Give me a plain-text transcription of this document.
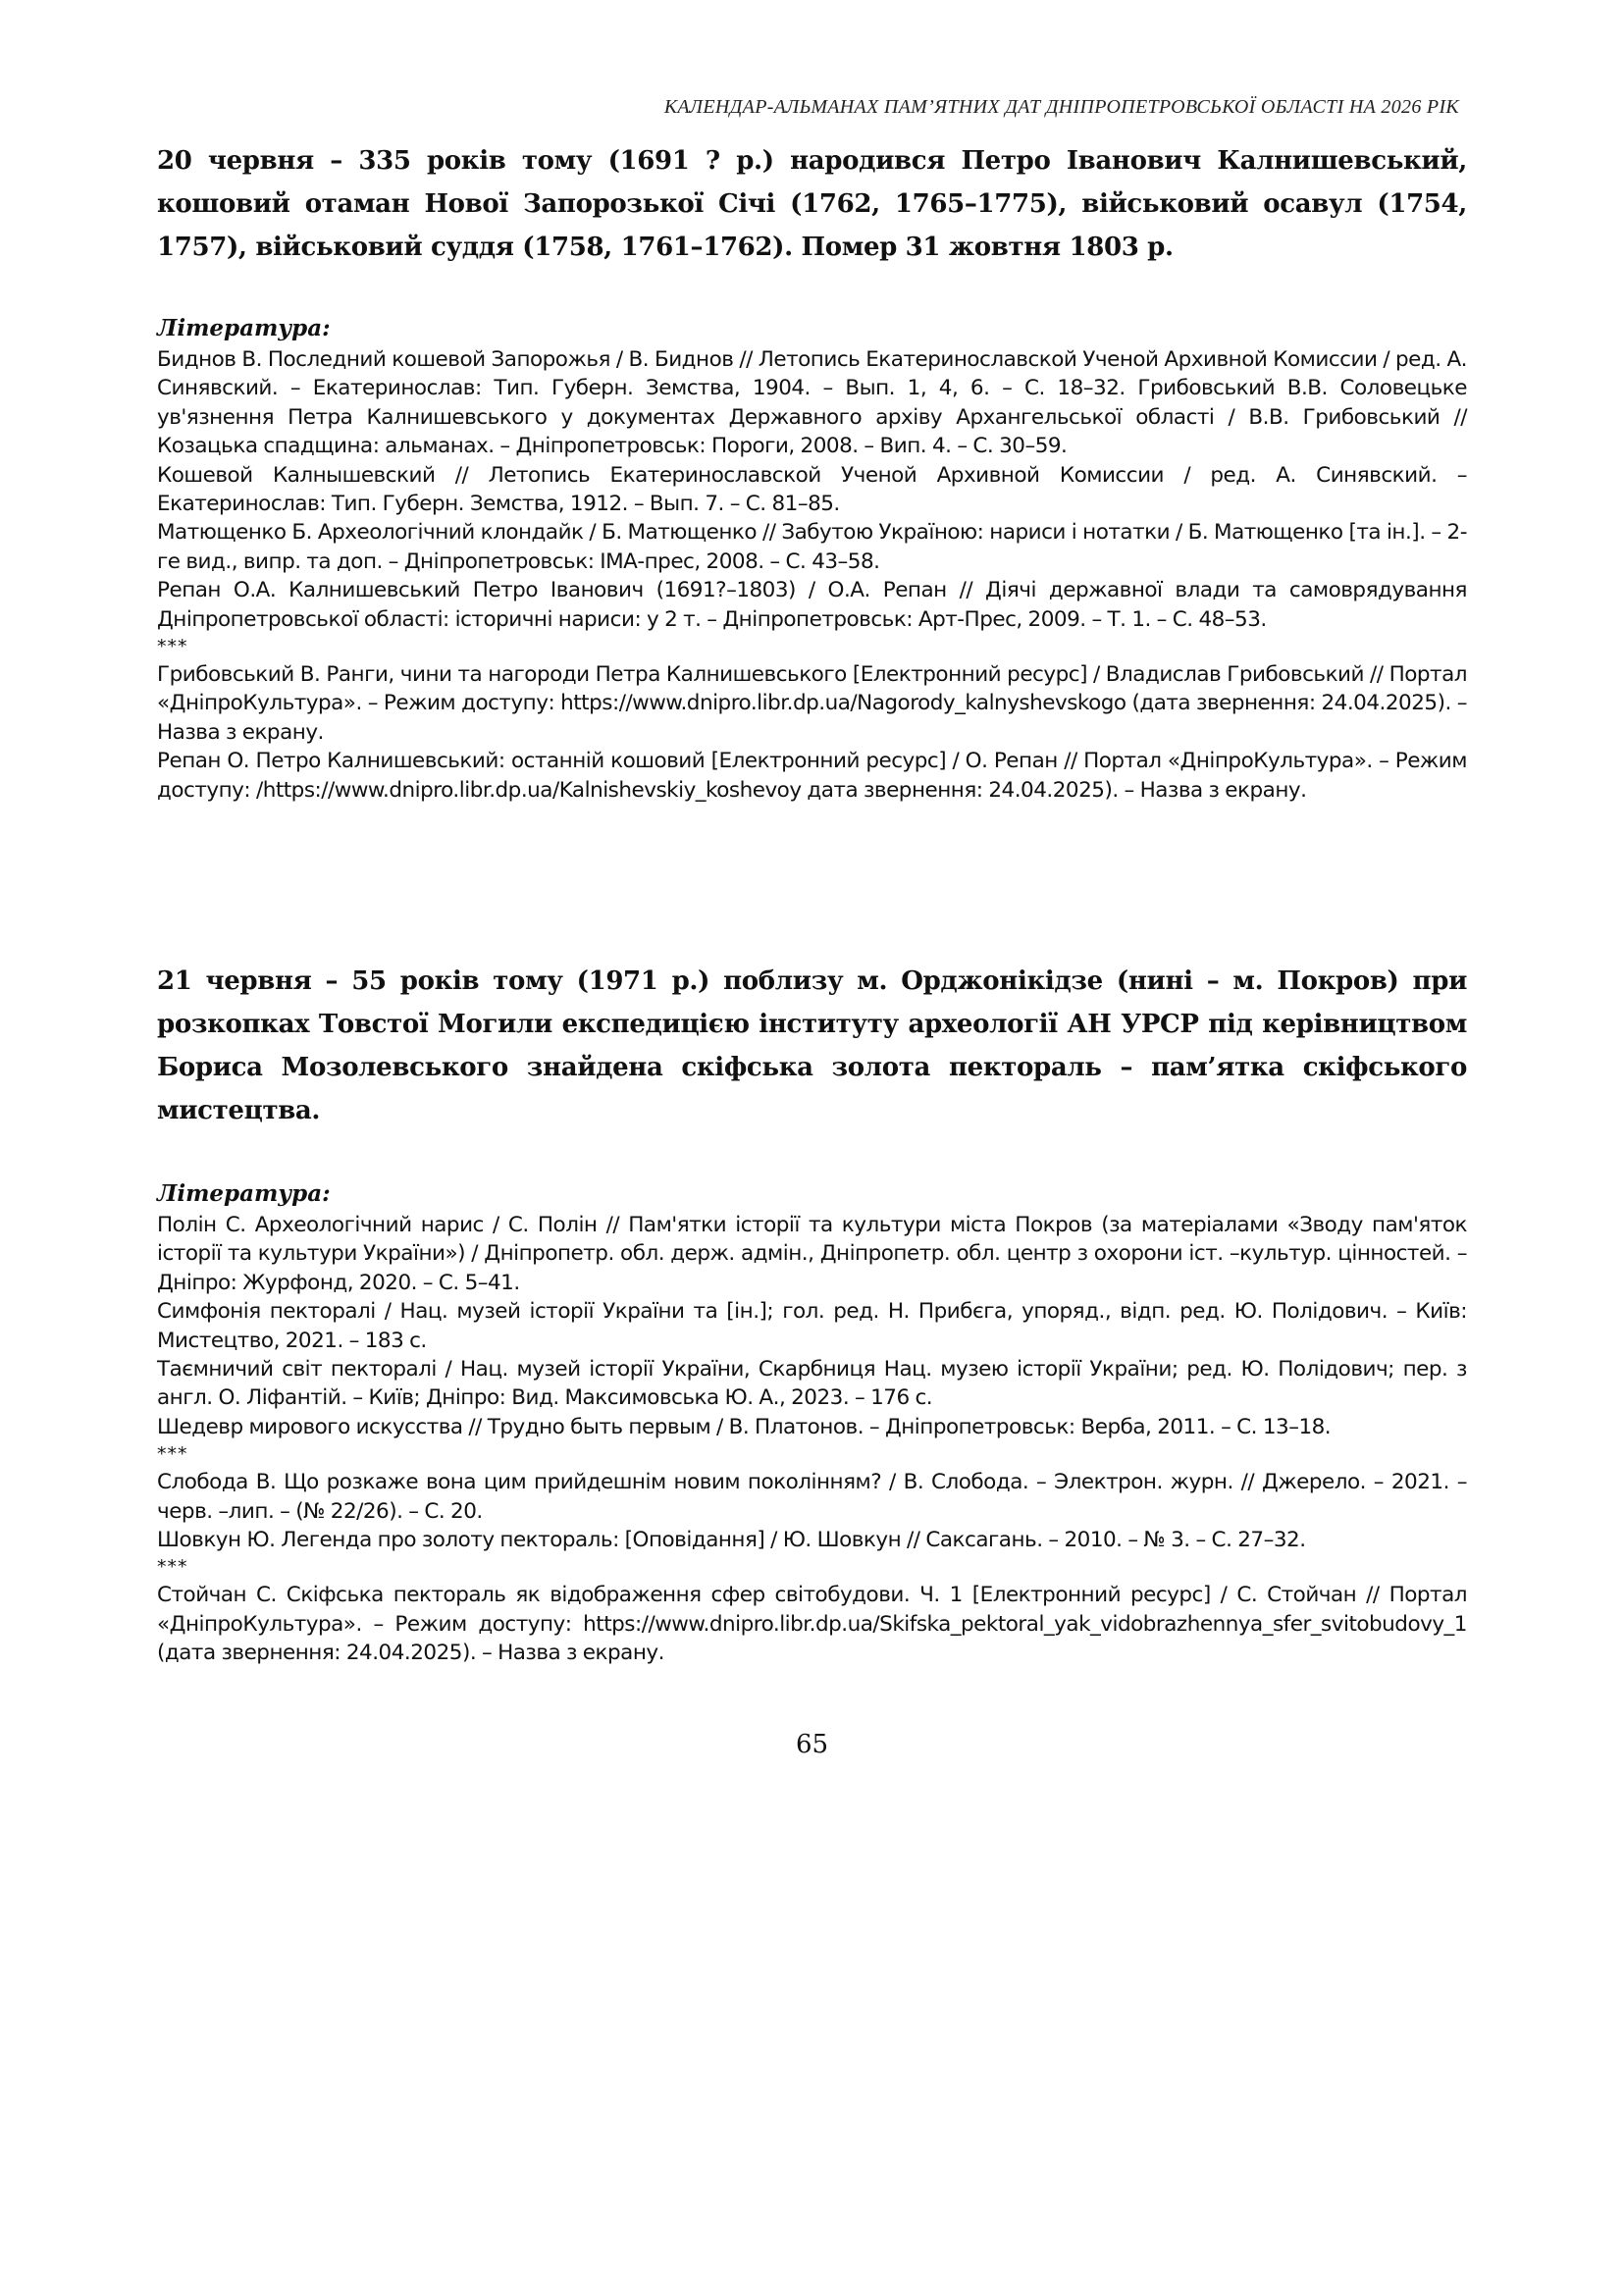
КАЛЕНДАР-АЛЬМАНАХ ПАМ’ЯТНИХ ДАТ ДНІПРОПЕТРОВСЬКОЇ ОБЛАСТІ НА 2026 РІК

20 червня – 335 років тому (1691 ? р.) народився Петро Іванович Калнишевський, кошовий отаман Нової Запорозької Січі (1762, 1765–1775), військовий осавул (1754, 1757), військовий суддя (1758, 1761–1762). Помер 31 жовтня 1803 р.

Література:

Биднов В. Последний кошевой Запорожья / В. Биднов // Летопись Екатеринославской Ученой Архивной Комиссии / ред. А. Синявский. – Екатеринослав: Тип. Губерн. Земства, 1904. – Вып. 1, 4, 6. – С. 18–32. Грибовський В.В. Соловецьке ув'язнення Петра Калнишевського у документах Державного архіву Архангельської області / В.В. Грибовський // Козацька спадщина: альманах. – Дніпропетровськ: Пороги, 2008. – Вип. 4. – С. 30–59.

Кошевой Калнышевский // Летопись Екатеринославской Ученой Архивной Комиссии / ред. А. Синявский. – Екатеринослав: Тип. Губерн. Земства, 1912. – Вып. 7. – С. 81–85.

Матющенко Б. Археологічний клондайк / Б. Матющенко // Забутою Україною: нариси і нотатки / Б. Матющенко [та ін.]. – 2-ге вид., випр. та доп. – Дніпропетровськ: ІМА-прес, 2008. – С. 43–58.

Репан О.А. Калнишевський Петро Іванович (1691?–1803) / О.А. Репан // Діячі державної влади та самоврядування Дніпропетровської області: історичні нариси: у 2 т. – Дніпропетровськ: Арт-Прес, 2009. – Т. 1. – С. 48–53.

***

Грибовський В. Ранги, чини та нагороди Петра Калнишевського [Електронний ресурс] / Владислав Грибовський // Портал «ДніпроКультура». – Режим доступу: https://www.dnipro.libr.dp.ua/Nagorody_kalnyshevskogo (дата звернення: 24.04.2025). – Назва з екрану.

Репан О. Петро Калнишевський: останній кошовий [Електронний ресурс] / О. Репан // Портал «ДніпроКультура». – Режим доступу: /https://www.dnipro.libr.dp.ua/Kalnishevskiy_koshevoy дата звернення: 24.04.2025). – Назва з екрану.

21 червня – 55 років тому (1971 р.) поблизу м. Орджонікідзе (нині – м. Покров) при розкопках Товстої Могили експедицією інституту археології АН УРСР під керівництвом Бориса Мозолевського знайдена скіфська золота пектораль – пам’ятка скіфського мистецтва.

Література:

Полін С. Археологічний нарис / С. Полін // Пам'ятки історії та культури міста Покров (за матеріалами «Зводу пам'яток історії та культури України») / Дніпропетр. обл. держ. адмін., Дніпропетр. обл. центр з охорони іст. –культур. цінностей. – Дніпро: Журфонд, 2020. – С. 5–41.

Симфонія пекторалі / Нац. музей історії України та [ін.]; гол. ред. Н. Прибєга, упоряд., відп. ред. Ю. Полідович. – Київ: Мистецтво, 2021. – 183 с.

Таємничий світ пекторалі / Нац. музей історії України, Скарбниця Нац. музею історії України; ред. Ю. Полідович; пер. з англ. О. Ліфантій. – Київ; Дніпро: Вид. Максимовська Ю. А., 2023. – 176 с.

Шедевр мирового искусства // Трудно быть первым / В. Платонов. – Дніпропетровськ: Верба, 2011. – С. 13–18.

***

Слобода В. Що розкаже вона цим прийдешнім новим поколінням? / В. Слобода. – Электрон. журн. // Джерело. – 2021. – черв. –лип. – (№ 22/26). – С. 20.

Шовкун Ю. Легенда про золоту пектораль: [Оповідання] / Ю. Шовкун // Саксагань. – 2010. – № 3. – С. 27–32.

***

Стойчан С. Скіфська пектораль як відображення сфер світобудови. Ч. 1 [Електронний ресурс] / С. Стойчан // Портал «ДніпроКультура». – Режим доступу: https://www.dnipro.libr.dp.ua/Skifska_pektoral_yak_vidobrazhennya_sfer_svitobudovy_1 (дата звернення: 24.04.2025). – Назва з екрану.

65
